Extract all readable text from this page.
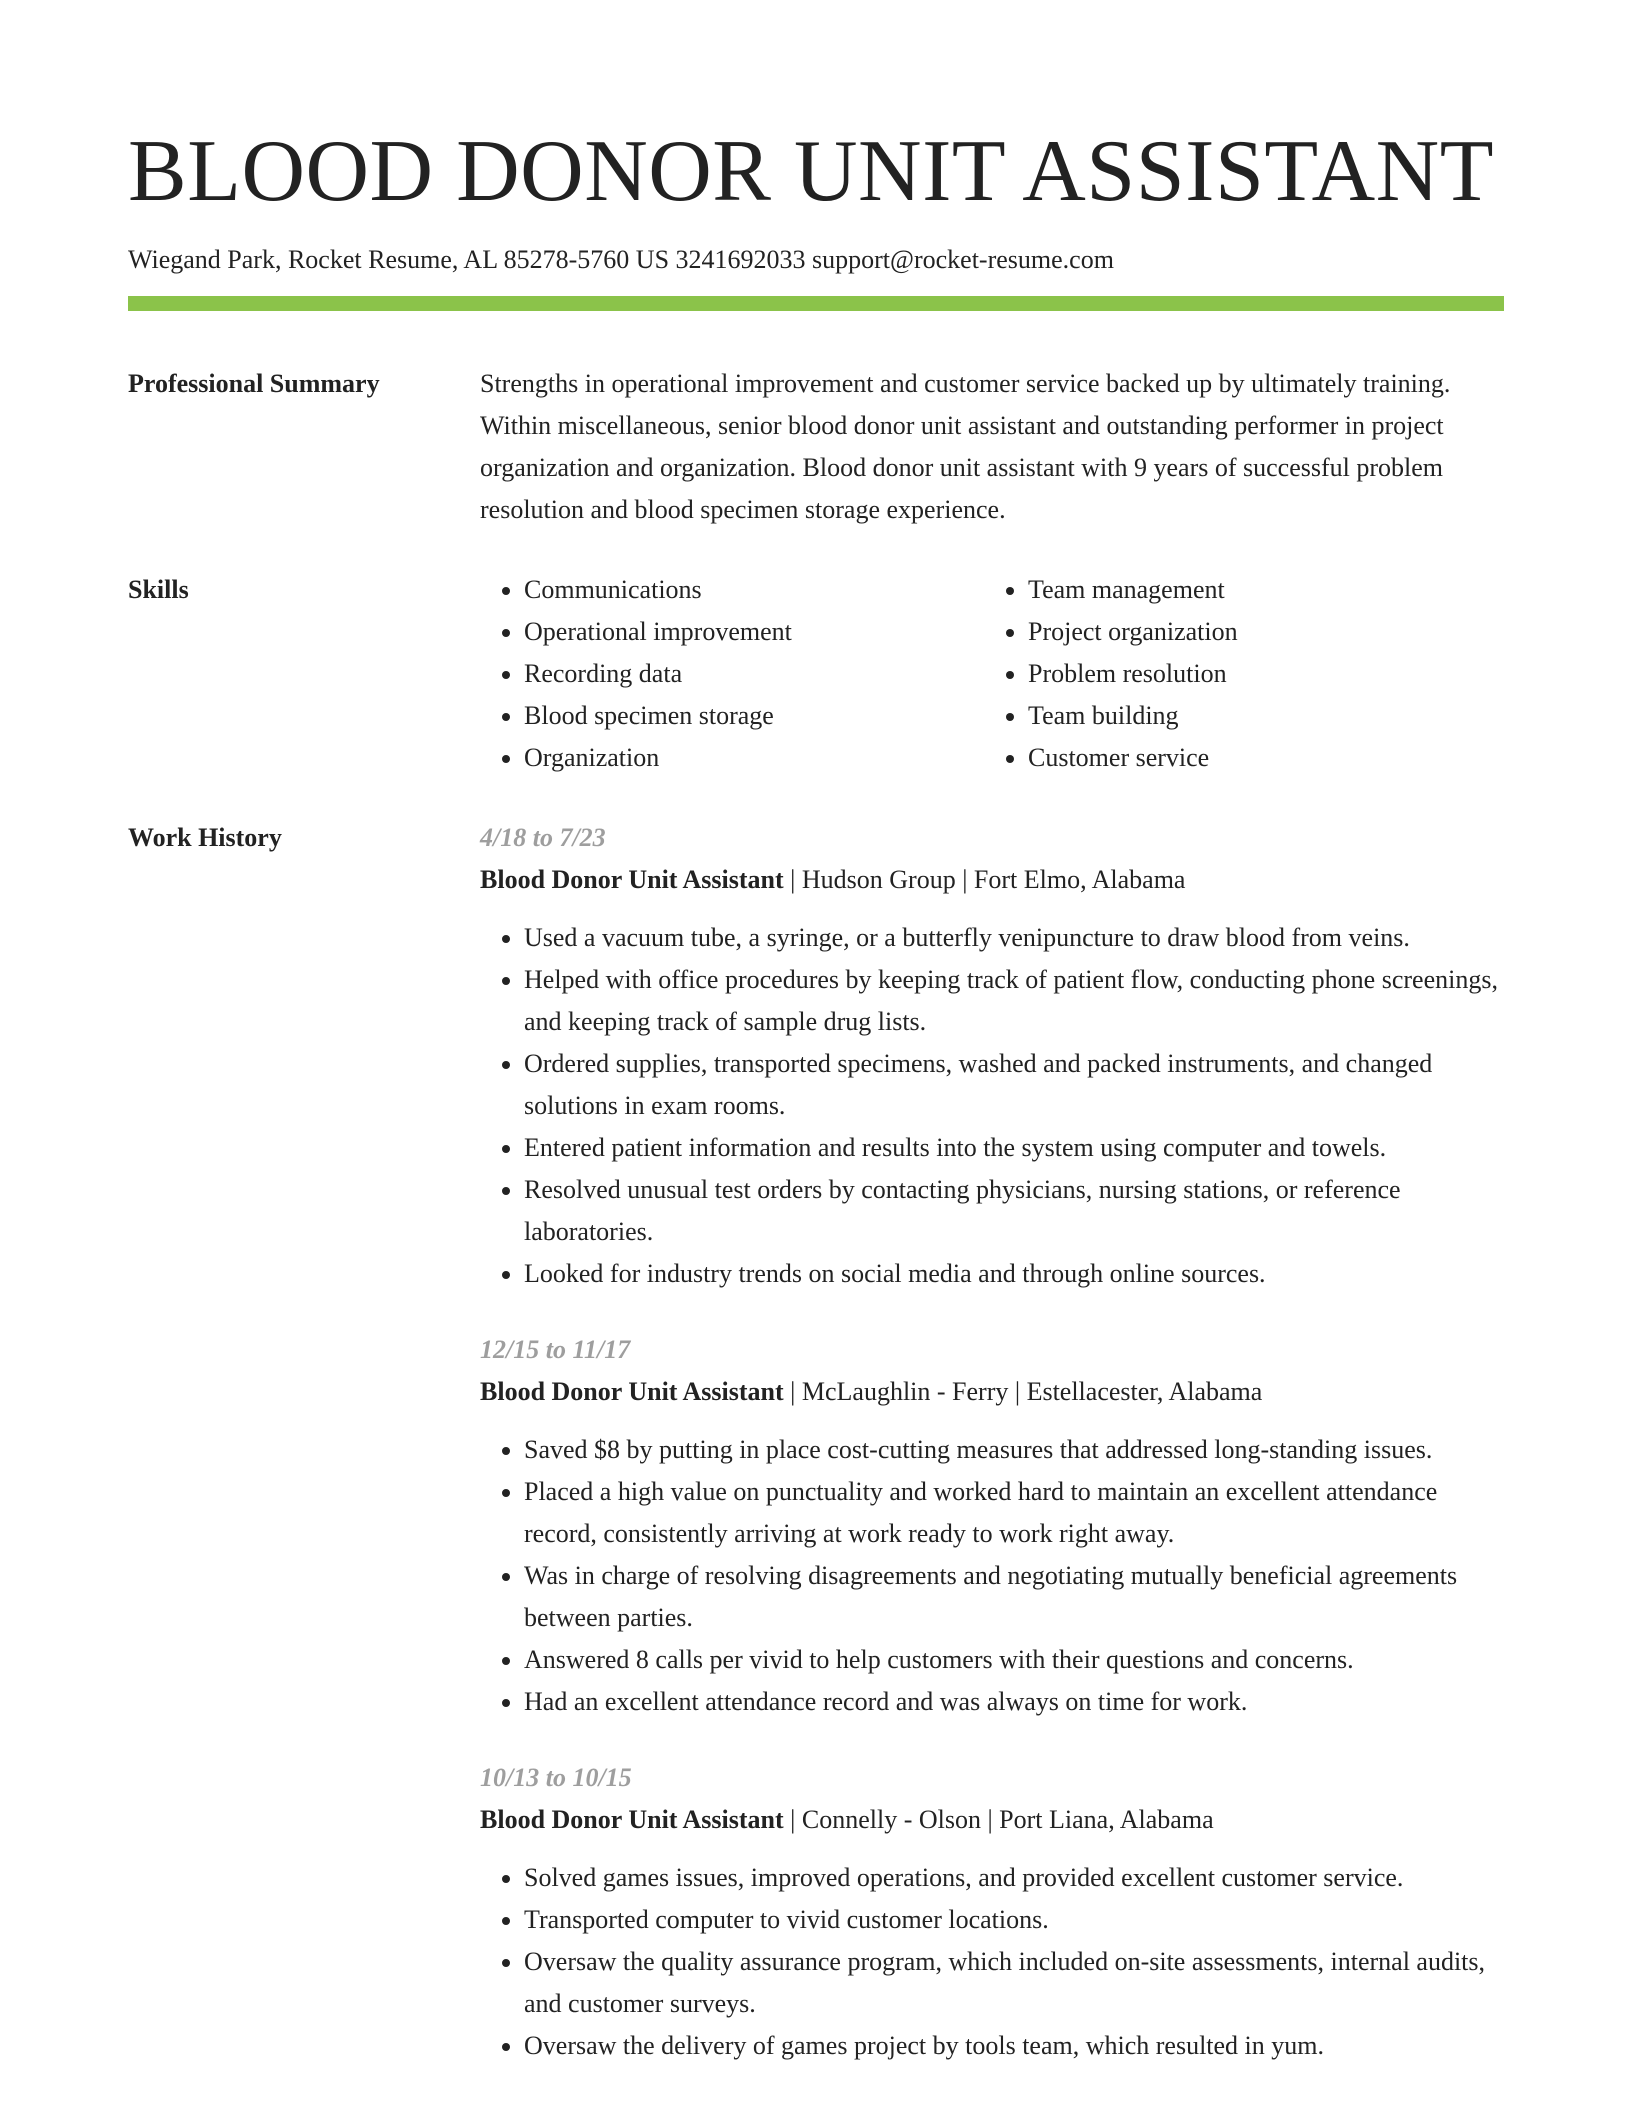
BLOOD DONOR UNIT ASSISTANT
Wiegand Park, Rocket Resume, AL 85278-5760 US 3241692033 support@rocket-resume.com
Professional Summary	Strengths in operational improvement and customer service backed up by ultimately training. Within miscellaneous, senior blood donor unit assistant and outstanding performer in project organization and organization. Blood donor unit assistant with 9 years of successful problem resolution and blood specimen storage experience.

Skills
•	Communications
• Operational improvement
• Recording data
• Blood specimen storage
• Organization
• Team management
• Project organization
• Problem resolution
• Team building
• Customer service
Work History	4/18 to 7/23
Blood Donor Unit Assistant | Hudson Group | Fort Elmo, Alabama
• Used a vacuum tube, a syringe, or a butterfly venipuncture to draw blood from veins.
• Helped with office procedures by keeping track of patient flow, conducting phone screenings, and keeping track of sample drug lists.
• Ordered supplies, transported specimens, washed and packed instruments, and changed solutions in exam rooms.
• Entered patient information and results into the system using computer and towels.
• Resolved unusual test orders by contacting physicians, nursing stations, or reference laboratories.
• Looked for industry trends on social media and through online sources.
12/15 to 11/17
Blood Donor Unit Assistant | McLaughlin - Ferry | Estellacester, Alabama
• Saved $8 by putting in place cost-cutting measures that addressed long-standing issues.
• Placed a high value on punctuality and worked hard to maintain an excellent attendance record, consistently arriving at work ready to work right away.
• Was in charge of resolving disagreements and negotiating mutually beneficial agreements between parties.
• Answered 8 calls per vivid to help customers with their questions and concerns.
• Had an excellent attendance record and was always on time for work.
10/13 to 10/15
Blood Donor Unit Assistant | Connelly - Olson | Port Liana, Alabama
• Solved games issues, improved operations, and provided excellent customer service.
• Transported computer to vivid customer locations.
• Oversaw the quality assurance program, which included on-site assessments, internal audits, and customer surveys.
• Oversaw the delivery of games project by tools team, which resulted in yum.
